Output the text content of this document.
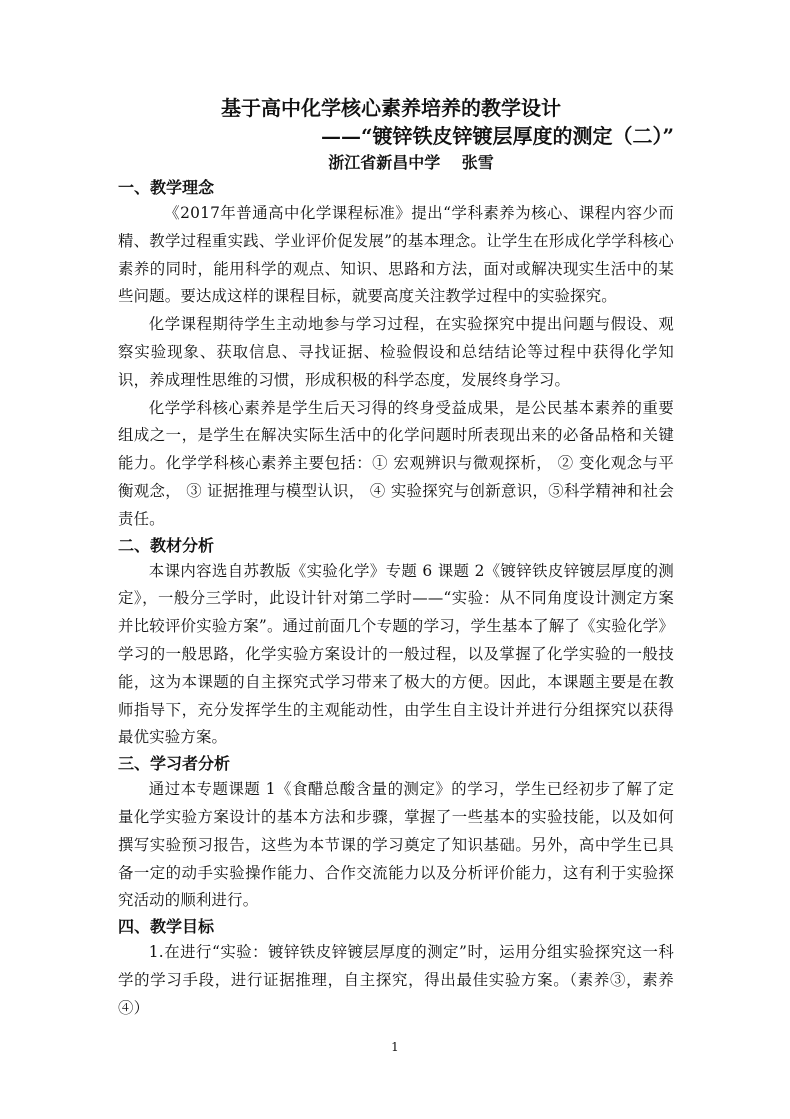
基于高中化学核心素养培养的教学设计
——“镀锌铁皮锌镀层厚度的测定（二）”
浙江省新昌中学　 张雪
一、教学理念

《2017年普通高中化学课程标准》提出“学科素养为核心、课程内容少而精、教学过程重实践、学业评价促发展”的基本理念。让学生在形成化学学科核心素养的同时，能用科学的观点、知识、思路和方法，面对或解决现实生活中的某些问题。要达成这样的课程目标，就要高度关注教学过程中的实验探究。

化学课程期待学生主动地参与学习过程，在实验探究中提出问题与假设、观察实验现象、获取信息、寻找证据、检验假设和总结结论等过程中获得化学知识，养成理性思维的习惯，形成积极的科学态度，发展终身学习。

化学学科核心素养是学生后天习得的终身受益成果，是公民基本素养的重要组成之一，是学生在解决实际生活中的化学问题时所表现出来的必备品格和关键能力。化学学科核心素养主要包括：① 宏观辨识与微观探析， ② 变化观念与平衡观念， ③ 证据推理与模型认识， ④ 实验探究与创新意识，⑤科学精神和社会责任。

二、教材分析

本课内容选自苏教版《实验化学》专题 6 课题 2《镀锌铁皮锌镀层厚度的测定》，一般分三学时，此设计针对第二学时——“实验：从不同角度设计测定方案并比较评价实验方案”。通过前面几个专题的学习，学生基本了解了《实验化学》学习的一般思路，化学实验方案设计的一般过程，以及掌握了化学实验的一般技能，这为本课题的自主探究式学习带来了极大的方便。因此，本课题主要是在教师指导下，充分发挥学生的主观能动性，由学生自主设计并进行分组探究以获得最优实验方案。

三、学习者分析

通过本专题课题 1《食醋总酸含量的测定》的学习，学生已经初步了解了定量化学实验方案设计的基本方法和步骤，掌握了一些基本的实验技能，以及如何撰写实验预习报告，这些为本节课的学习奠定了知识基础。另外，高中学生已具备一定的动手实验操作能力、合作交流能力以及分析评价能力，这有利于实验探究活动的顺利进行。

四、教学目标

1.在进行“实验：镀锌铁皮锌镀层厚度的测定”时，运用分组实验探究这一科学的学习手段，进行证据推理，自主探究，得出最佳实验方案。（素养③，素养④）

1
